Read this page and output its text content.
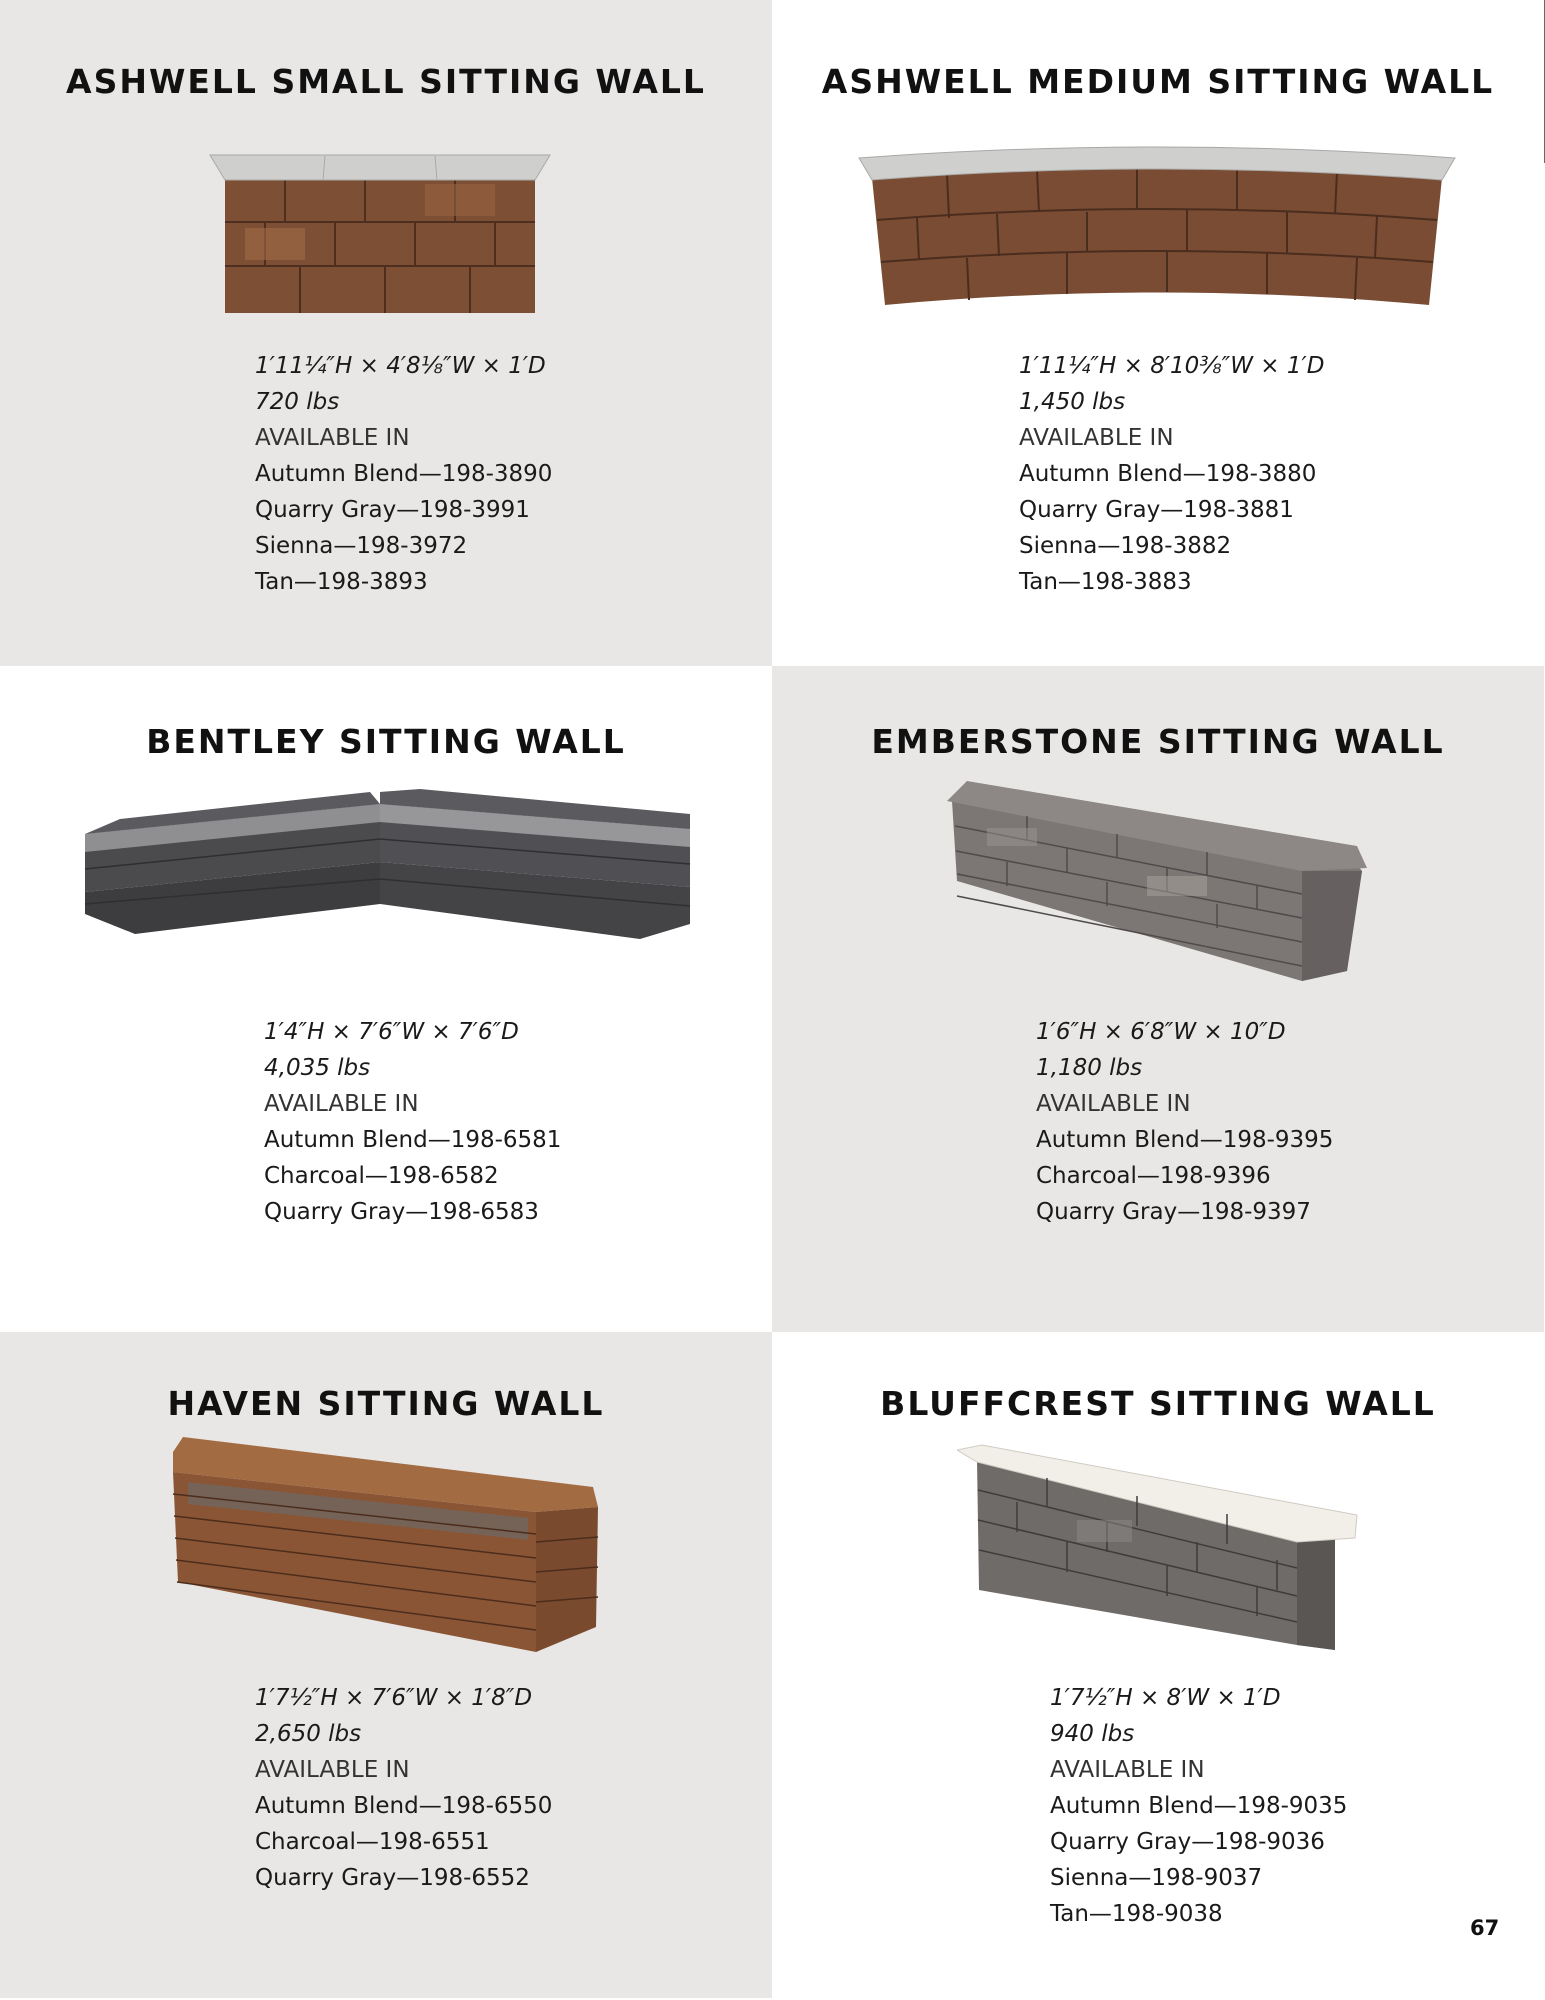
ASHWELL SMALL SITTING WALL
1′11¼″H × 4′8⅛″W × 1′D
720 lbs
AVAILABLE IN
Autumn Blend—198-3890
Quarry Gray—198-3991
Sienna—198-3972
Tan—198-3893
ASHWELL MEDIUM SITTING WALL
1′11¼″H × 8′10⅜″W × 1′D
1,450 lbs
AVAILABLE IN
Autumn Blend—198-3880
Quarry Gray—198-3881
Sienna—198-3882
Tan—198-3883
BENTLEY SITTING WALL
1′4″H × 7′6″W × 7′6″D
4,035 lbs
AVAILABLE IN
Autumn Blend—198-6581
Charcoal—198-6582
Quarry Gray—198-6583
EMBERSTONE SITTING WALL
1′6″H × 6′8″W × 10″D
1,180 lbs
AVAILABLE IN
Autumn Blend—198-9395
Charcoal—198-9396
Quarry Gray—198-9397
HAVEN SITTING WALL
1′7½″H × 7′6″W × 1′8″D
2,650 lbs
AVAILABLE IN
Autumn Blend—198-6550
Charcoal—198-6551
Quarry Gray—198-6552
BLUFFCREST SITTING WALL
1′7½″H × 8′W × 1′D
940 lbs
AVAILABLE IN
Autumn Blend—198-9035
Quarry Gray—198-9036
Sienna—198-9037
Tan—198-9038
67
